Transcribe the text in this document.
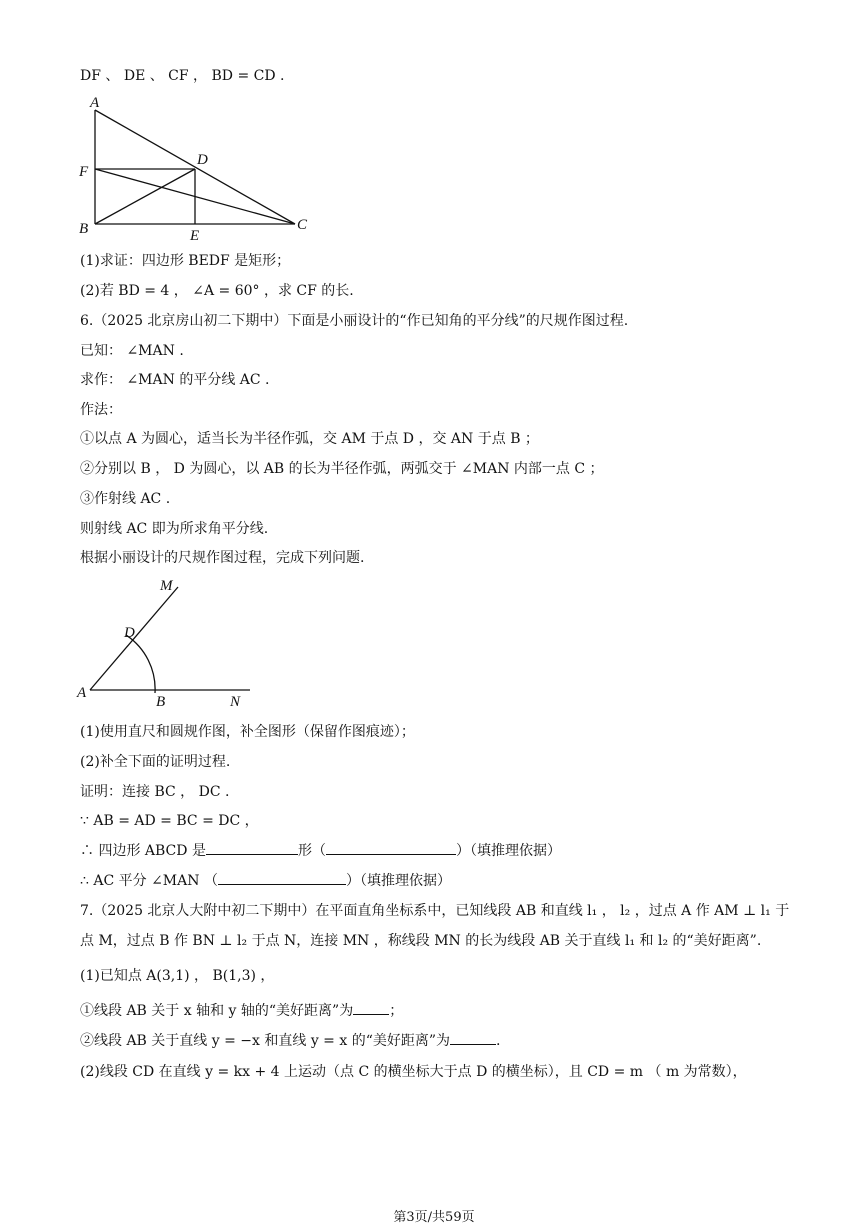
DF 、 DE 、 CF ， BD = CD .
A
F
D
B	E
C
(1)求证：四边形 BEDF 是矩形；
(2)若 BD = 4 ， ∠A = 60° ，求 CF 的长.
6.（2025 北京房山初二下期中）下面是小丽设计的“作已知角的平分线”的尺规作图过程.
已知： ∠MAN .
求作： ∠MAN 的平分线 AC .
作法：
①以点 A 为圆心，适当长为半径作弧，交 AM 于点 D ，交 AN 于点 B ；
②分别以 B ， D 为圆心，以 AB 的长为半径作弧，两弧交于 ∠MAN 内部一点 C ；
③作射线 AC .
则射线 AC 即为所求角平分线.
根据小丽设计的尺规作图过程，完成下列问题.
M
D
A
B	N
(1)使用直尺和圆规作图，补全图形（保留作图痕迹）；
(2)补全下面的证明过程.
证明：连接 BC ， DC .
∵ AB = AD = BC = DC ，
∴ 四边形 ABCD 是	形（	）（填推理依据）
∴ AC 平分 ∠MAN （	）（填推理依据）
7.（2025 北京人大附中初二下期中）在平面直角坐标系中，已知线段 AB 和直线 l₁ ， l₂ ，过点 A 作 AM ⊥ l₁ 于
点 M，过点 B 作 BN ⊥ l₂ 于点 N，连接 MN ，称线段 MN 的长为线段 AB 关于直线 l₁ 和 l₂ 的“美好距离”.
(1)已知点 A(3,1) ， B(1,3) ，
①线段 AB 关于 x 轴和 y 轴的“美好距离”为	；
②线段 AB 关于直线 y = −x 和直线 y = x 的“美好距离”为	.
(2)线段 CD 在直线 y = kx + 4 上运动（点 C 的横坐标大于点 D 的横坐标），且 CD = m （ m 为常数），
第3页/共59页
